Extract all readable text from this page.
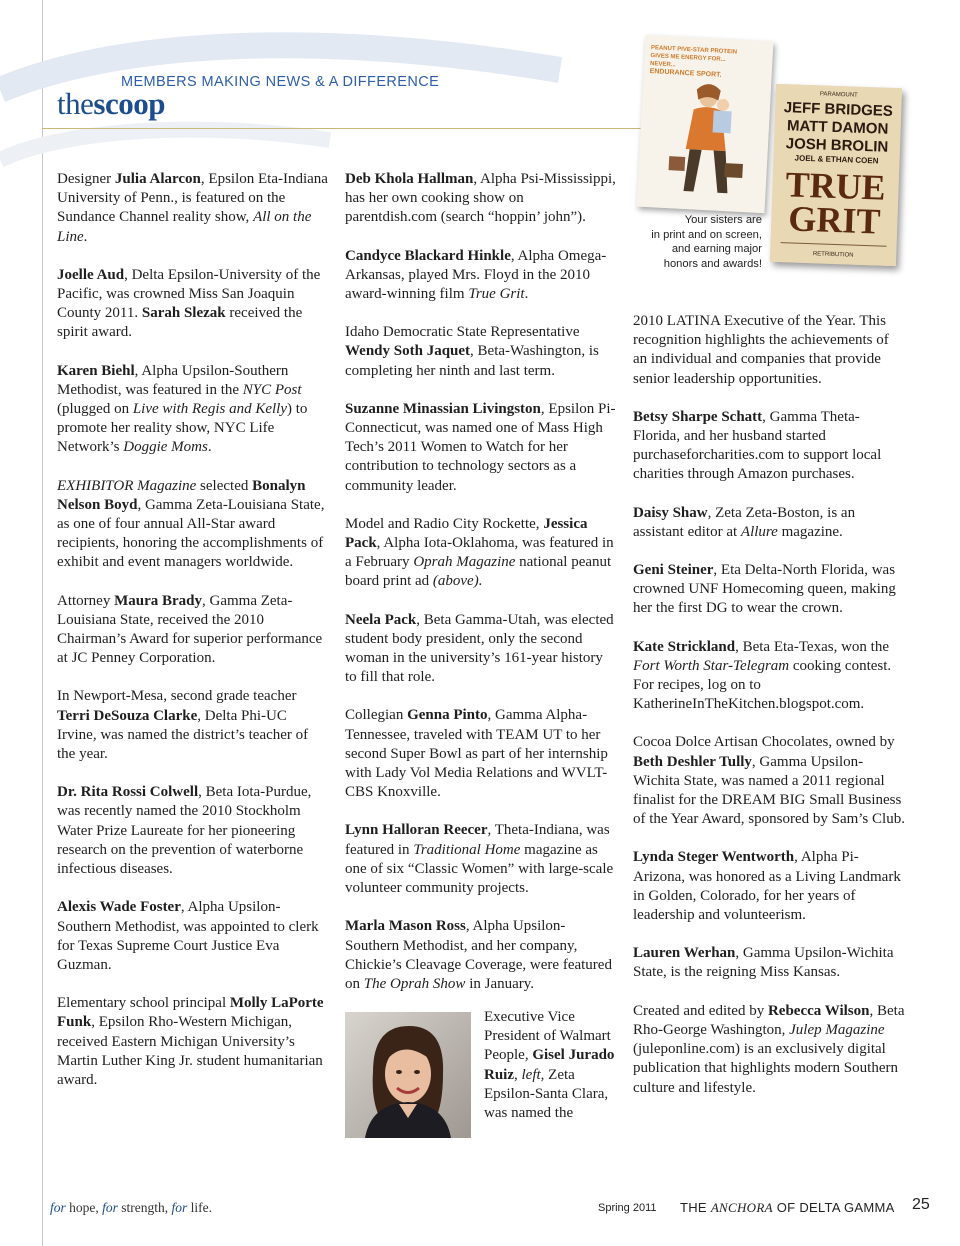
MEMBERS MAKING NEWS & A DIFFERENCE
thescoop
PEANUT PIVE-STAR PROTEIN
GIVES ME ENERGY FOR...
NEVER...
ENDURANCE SPORT.
PARAMOUNT
JEFF BRIDGES
MATT DAMON
JOSH BROLIN
JOEL & ETHAN COEN
TRUE
GRIT
RETRIBUTION
Your sisters are
in print and on screen,
and earning major
honors and awards!

Designer Julia Alarcon, Epsilon Eta-Indiana University of Penn., is featured on the Sundance Channel reality show, All on the Line.

Joelle Aud, Delta Epsilon-University of the Pacific, was crowned Miss San Joaquin County 2011. Sarah Slezak received the spirit award.

Karen Biehl, Alpha Upsilon-Southern Methodist, was featured in the NYC Post (plugged on Live with Regis and Kelly) to promote her reality show, NYC Life Network’s Doggie Moms.

EXHIBITOR Magazine selected Bonalyn Nelson Boyd, Gamma Zeta-Louisiana State, as one of four annual All-Star award recipients, honoring the accomplishments of exhibit and event managers worldwide.

Attorney Maura Brady, Gamma Zeta-Louisiana State, received the 2010 Chairman’s Award for superior performance at JC Penney Corporation.

In Newport-Mesa, second grade teacher Terri DeSouza Clarke, Delta Phi-UC Irvine, was named the district’s teacher of the year.

Dr. Rita Rossi Colwell, Beta Iota-Purdue, was recently named the 2010 Stockholm Water Prize Laureate for her pioneering research on the prevention of waterborne infectious diseases.

Alexis Wade Foster, Alpha Upsilon-Southern Methodist, was appointed to clerk for Texas Supreme Court Justice Eva Guzman.

Elementary school principal Molly LaPorte Funk, Epsilon Rho-Western Michigan, received Eastern Michigan University’s Martin Luther King Jr. student humanitarian award.

Deb Khola Hallman, Alpha Psi-Mississippi, has her own cooking show on parentdish.com (search “hoppin’ john”).

Candyce Blackard Hinkle, Alpha Omega-Arkansas, played Mrs. Floyd in the 2010 award-winning film True Grit.

Idaho Democratic State Representative Wendy Soth Jaquet, Beta-Washington, is completing her ninth and last term.

Suzanne Minassian Livingston, Epsilon Pi-Connecticut, was named one of Mass High Tech’s 2011 Women to Watch for her contribution to technology sectors as a community leader.

Model and Radio City Rockette, Jessica Pack, Alpha Iota-Oklahoma, was featured in a February Oprah Magazine national peanut board print ad (above).

Neela Pack, Beta Gamma-Utah, was elected student body president, only the second woman in the university’s 161-year history to fill that role.

Collegian Genna Pinto, Gamma Alpha-Tennessee, traveled with TEAM UT to her second Super Bowl as part of her internship with Lady Vol Media Relations and WVLT-CBS Knoxville.

Lynn Halloran Reecer, Theta-Indiana, was featured in Traditional Home magazine as one of six “Classic Women” with large-scale volunteer community projects.

Marla Mason Ross, Alpha Upsilon-Southern Methodist, and her company, Chickie’s Cleavage Coverage, were featured on The Oprah Show in January.

2010 LATINA Executive of the Year. This recognition highlights the achievements of an individual and companies that provide senior leadership opportunities.

Betsy Sharpe Schatt, Gamma Theta-Florida, and her husband started purchaseforcharities.com to support local charities through Amazon purchases.

Daisy Shaw, Zeta Zeta-Boston, is an assistant editor at Allure magazine.

Geni Steiner, Eta Delta-North Florida, was crowned UNF Homecoming queen, making her the first DG to wear the crown.

Kate Strickland, Beta Eta-Texas, won the Fort Worth Star-Telegram cooking contest. For recipes, log on to KatherineInTheKitchen.blogspot.com.

Cocoa Dolce Artisan Chocolates, owned by Beth Deshler Tully, Gamma Upsilon-Wichita State, was named a 2011 regional finalist for the DREAM BIG Small Business of the Year Award, sponsored by Sam’s Club.

Lynda Steger Wentworth, Alpha Pi-Arizona, was honored as a Living Landmark in Golden, Colorado, for her years of leadership and volunteerism.

Lauren Werhan, Gamma Upsilon-Wichita State, is the reigning Miss Kansas.

Created and edited by Rebecca Wilson, Beta Rho-George Washington, Julep Magazine (juleponline.com) is an exclusively digital publication that highlights modern Southern culture and lifestyle.

Executive Vice President of Walmart People, Gisel Jurado Ruiz, left, Zeta Epsilon-Santa Clara, was named the
for hope, for strength, for life.	Spring 2011 THE ANCHORA OF DELTA GAMMA 25
